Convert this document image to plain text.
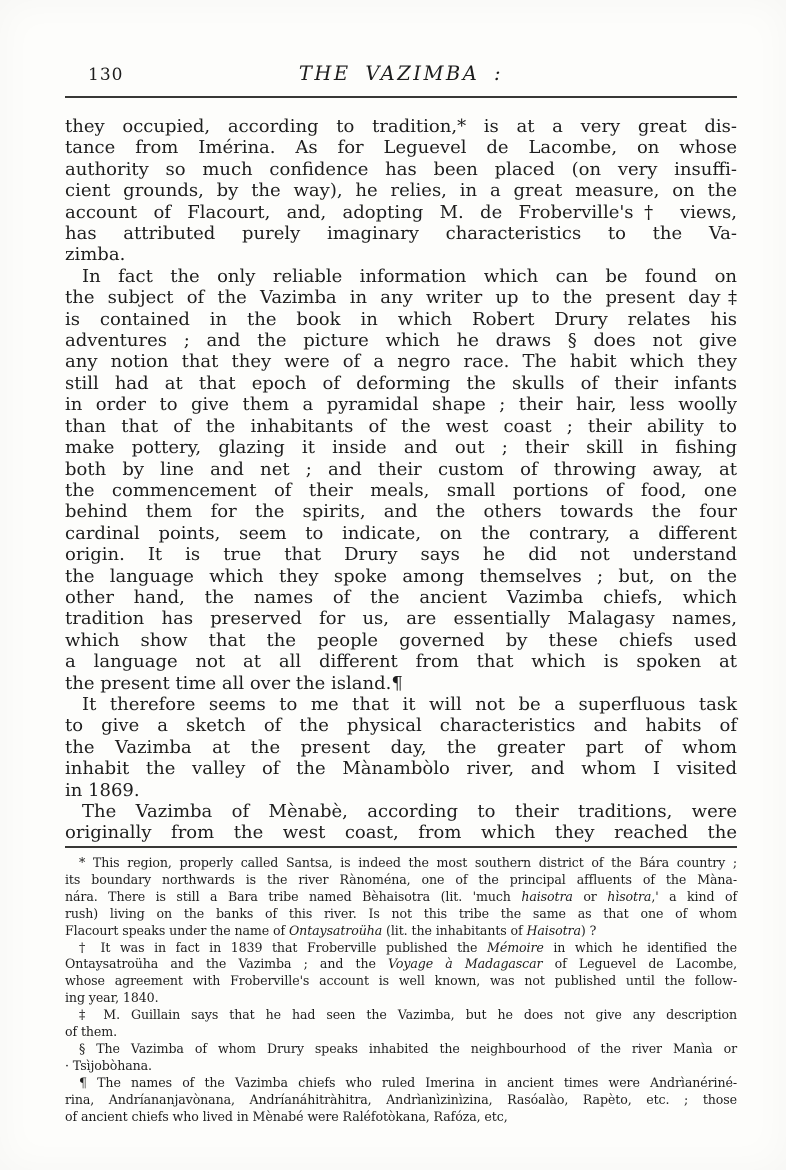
130	THE VAZIMBA :
they occupied, according to tradition,* is at a very great dis-
tance from Imérina. As for Leguevel de Lacombe, on whose
authority so much confidence has been placed (on very insuffi-
cient grounds, by the way), he relies, in a great measure, on the
account of Flacourt, and, adopting M. de Froberville's† views,
has attributed purely imaginary characteristics to the Va-
zimba.
In fact the only reliable information which can be found on
the subject of the Vazimba in any writer up to the present day‡
is contained in the book in which Robert Drury relates his
adventures ; and the picture which he draws § does not give
any notion that they were of a negro race. The habit which they
still had at that epoch of deforming the skulls of their infants
in order to give them a pyramidal shape ; their hair, less woolly
than that of the inhabitants of the west coast ; their ability to
make pottery, glazing it inside and out ; their skill in fishing
both by line and net ; and their custom of throwing away, at
the commencement of their meals, small portions of food, one
behind them for the spirits, and the others towards the four
cardinal points, seem to indicate, on the contrary, a different
origin. It is true that Drury says he did not understand
the language which they spoke among themselves ; but, on the
other hand, the names of the ancient Vazimba chiefs, which
tradition has preserved for us, are essentially Malagasy names,
which show that the people governed by these chiefs used
a language not at all different from that which is spoken at
the present time all over the island.¶
It therefore seems to me that it will not be a superfluous task
to give a sketch of the physical characteristics and habits of
the Vazimba at the present day, the greater part of whom
inhabit the valley of the Mànambòlo river, and whom I visited
in 1869.
The Vazimba of Mènabè, according to their traditions, were
originally from the west coast, from which they reached the
* This region, properly called Santsa, is indeed the most southern district of the Bára country ;
its boundary northwards is the river Rànoména, one of the principal affluents of the Màna-
nára. There is still a Bara tribe named Bèhaisotra (lit. 'much haisotra or hìsotra,' a kind of
rush) living on the banks of this river. Is not this tribe the same as that one of whom
Flacourt speaks under the name of Ontaysatroüha (lit. the inhabitants of Haisotra) ?
† It was in fact in 1839 that Froberville published the Mémoire in which he identified the
Ontaysatroüha and the Vazimba ; and the Voyage à Madagascar of Leguevel de Lacombe,
whose agreement with Froberville's account is well known, was not published until the follow-
ing year, 1840.
‡ M. Guillain says that he had seen the Vazimba, but he does not give any description
of them.
§ The Vazimba of whom Drury speaks inhabited the neighbourhood of the river Manìa or
· Tsìjobòhana.
¶ The names of the Vazimba chiefs who ruled Imerina in ancient times were Andrìanériné-
rina, Andríananjavònana, Andríanáhitràhitra, Andrìanìzinìzina, Rasóalào, Rapèto, etc. ; those
of ancient chiefs who lived in Mènabé were Raléfotòkana, Rafóza, etc,
